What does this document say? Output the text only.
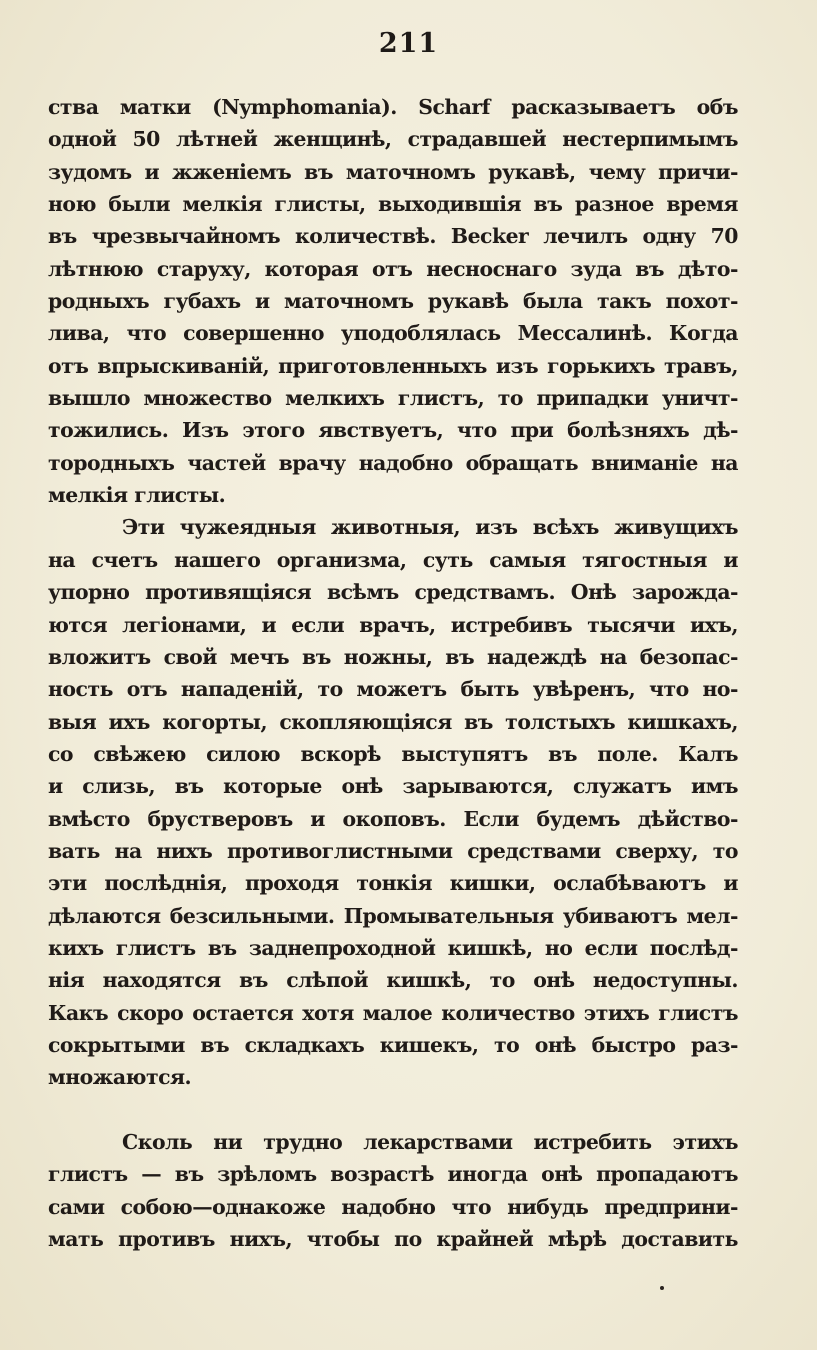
211
ства матки (Nymphomania). Scharf расказываетъ объ
одной 50 лѣтней женщинѣ, страдавшей нестерпимымъ
зудомъ и жженіемъ въ маточномъ рукавѣ, чему причи-
ною были мелкія глисты, выходившія въ разное время
въ чрезвычайномъ количествѣ. Becker лечилъ одну 70
лѣтнюю старуху, которая отъ несноснаго зуда въ дѣто-
родныхъ губахъ и маточномъ рукавѣ была такъ похот-
лива, что совершенно уподоблялась Мессалинѣ. Когда
отъ впрыскиваній, приготовленныхъ изъ горькихъ травъ,
вышло множество мелкихъ глистъ, то припадки уничт-
тожились. Изъ этого явствуетъ, что при болѣзняхъ дѣ-
тородныхъ частей врачу надобно обращать вниманіе на
мелкія глисты.
Эти чужеядныя животныя, изъ всѣхъ живущихъ
на счетъ нашего организма, суть самыя тягостныя и
упорно противящіяся всѣмъ средствамъ. Онѣ зарожда-
ются легіонами, и если врачъ, истребивъ тысячи ихъ,
вложитъ свой мечъ въ ножны, въ надеждѣ на безопас-
ность отъ нападеній, то можетъ быть увѣренъ, что но-
выя ихъ когорты, скопляющіяся въ толстыхъ кишкахъ,
со свѣжею силою вскорѣ выступятъ въ поле. Калъ
и слизь, въ которые онѣ зарываются, служатъ имъ
вмѣсто брустверовъ и окоповъ. Если будемъ дѣйство-
вать на нихъ противоглистными средствами сверху, то
эти послѣднія, проходя тонкія кишки, ослабѣваютъ и
дѣлаются безсильными. Промывательныя убиваютъ мел-
кихъ глистъ въ заднепроходной кишкѣ, но если послѣд-
нія находятся въ слѣпой кишкѣ, то онѣ недоступны.
Какъ скоро остается хотя малое количество этихъ глистъ
сокрытыми въ складкахъ кишекъ, то онѣ быстро раз-
множаются.
Сколь ни трудно лекарствами истребить этихъ
глистъ — въ зрѣломъ возрастѣ иногда онѣ пропадаютъ
сами собою—однакоже надобно что нибудь предприни-
мать противъ нихъ, чтобы по крайней мѣрѣ доставить
